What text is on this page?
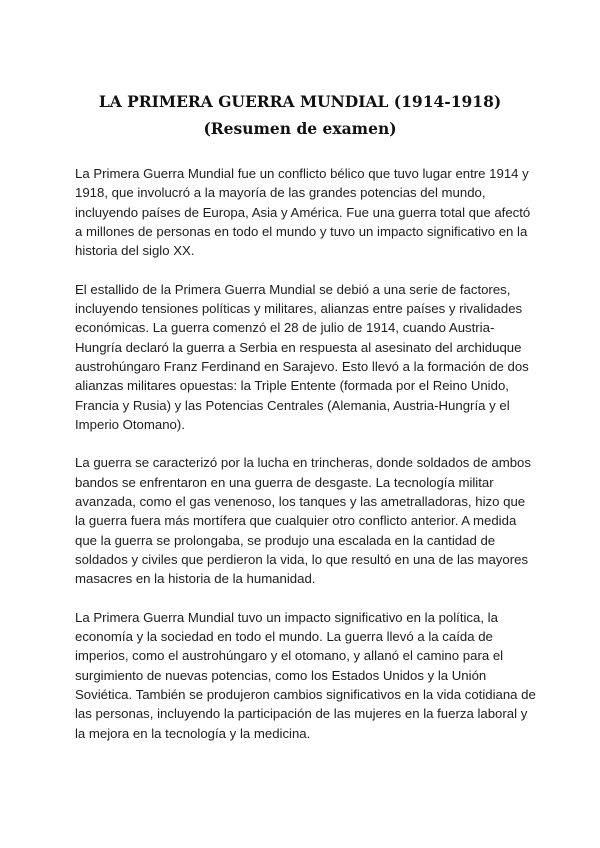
LA PRIMERA GUERRA MUNDIAL (1914-1918)
(Resumen de examen)

La Primera Guerra Mundial fue un conflicto bélico que tuvo lugar entre 1914 y 1918, que involucró a la mayoría de las grandes potencias del mundo, incluyendo países de Europa, Asia y América. Fue una guerra total que afectó a millones de personas en todo el mundo y tuvo un impacto significativo en la historia del siglo XX.

El estallido de la Primera Guerra Mundial se debió a una serie de factores, incluyendo tensiones políticas y militares, alianzas entre países y rivalidades económicas. La guerra comenzó el 28 de julio de 1914, cuando Austria-Hungría declaró la guerra a Serbia en respuesta al asesinato del archiduque austrohúngaro Franz Ferdinand en Sarajevo. Esto llevó a la formación de dos alianzas militares opuestas: la Triple Entente (formada por el Reino Unido, Francia y Rusia) y las Potencias Centrales (Alemania, Austria-Hungría y el Imperio Otomano).

La guerra se caracterizó por la lucha en trincheras, donde soldados de ambos bandos se enfrentaron en una guerra de desgaste. La tecnología militar avanzada, como el gas venenoso, los tanques y las ametralladoras, hizo que la guerra fuera más mortífera que cualquier otro conflicto anterior. A medida que la guerra se prolongaba, se produjo una escalada en la cantidad de soldados y civiles que perdieron la vida, lo que resultó en una de las mayores masacres en la historia de la humanidad.

La Primera Guerra Mundial tuvo un impacto significativo en la política, la economía y la sociedad en todo el mundo. La guerra llevó a la caída de imperios, como el austrohúngaro y el otomano, y allanó el camino para el surgimiento de nuevas potencias, como los Estados Unidos y la Unión Soviética. También se produjeron cambios significativos en la vida cotidiana de las personas, incluyendo la participación de las mujeres en la fuerza laboral y la mejora en la tecnología y la medicina.
